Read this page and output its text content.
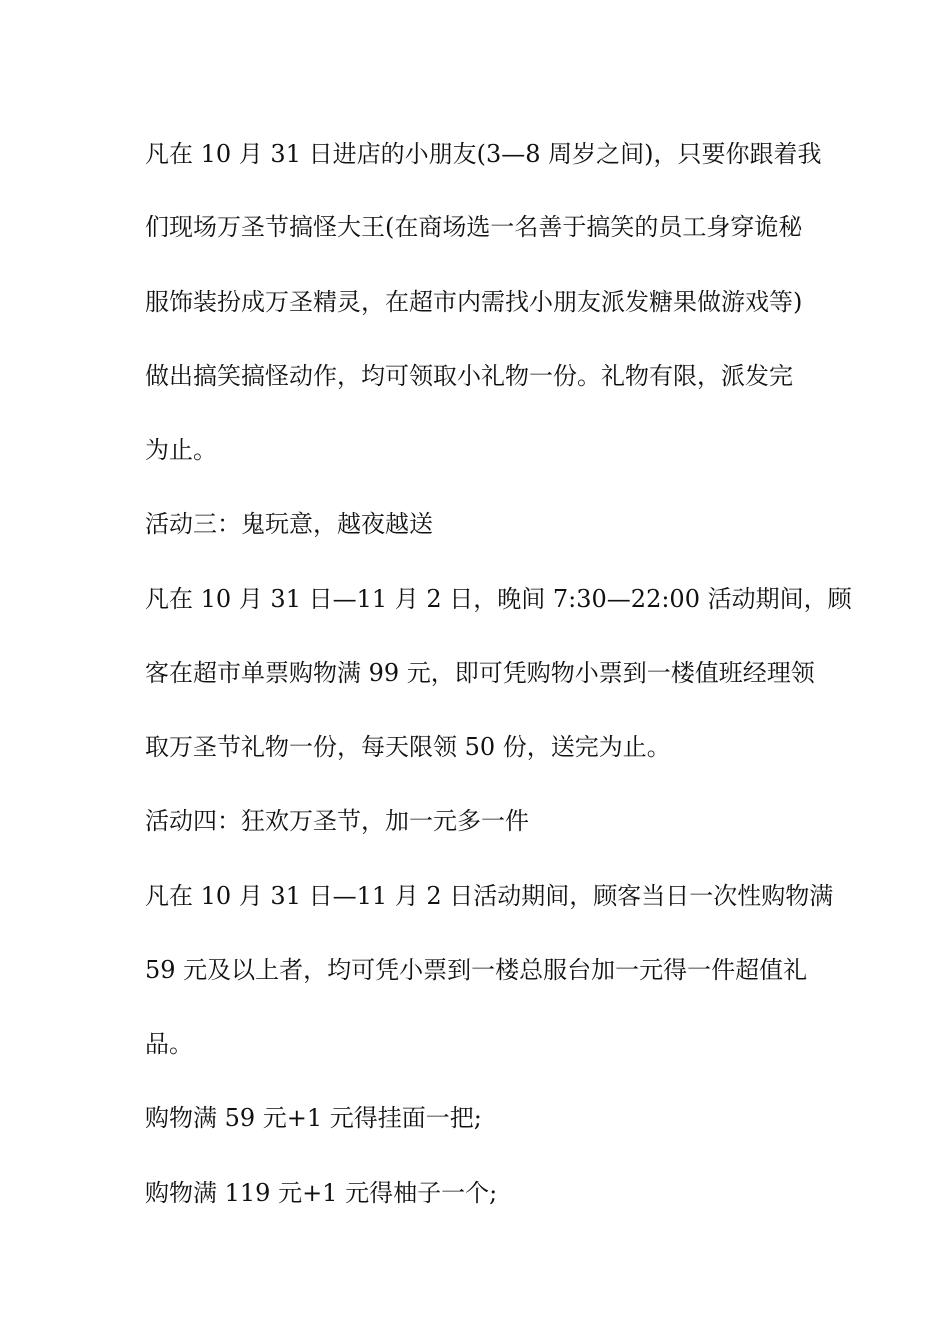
凡在 10 月 31 日进店的小朋友(3—8 周岁之间)，只要你跟着我
们现场万圣节搞怪大王(在商场选一名善于搞笑的员工身穿诡秘
服饰装扮成万圣精灵，在超市内需找小朋友派发糖果做游戏等)
做出搞笑搞怪动作，均可领取小礼物一份。礼物有限，派发完
为止。
活动三：鬼玩意，越夜越送
凡在 10 月 31 日—11 月 2 日，晚间 7:30—22:00 活动期间，顾
客在超市单票购物满 99 元，即可凭购物小票到一楼值班经理领
取万圣节礼物一份，每天限领 50 份，送完为止。
活动四：狂欢万圣节，加一元多一件
凡在 10 月 31 日—11 月 2 日活动期间，顾客当日一次性购物满
59 元及以上者，均可凭小票到一楼总服台加一元得一件超值礼
品。
购物满 59 元+1 元得挂面一把;
购物满 119 元+1 元得柚子一个;
